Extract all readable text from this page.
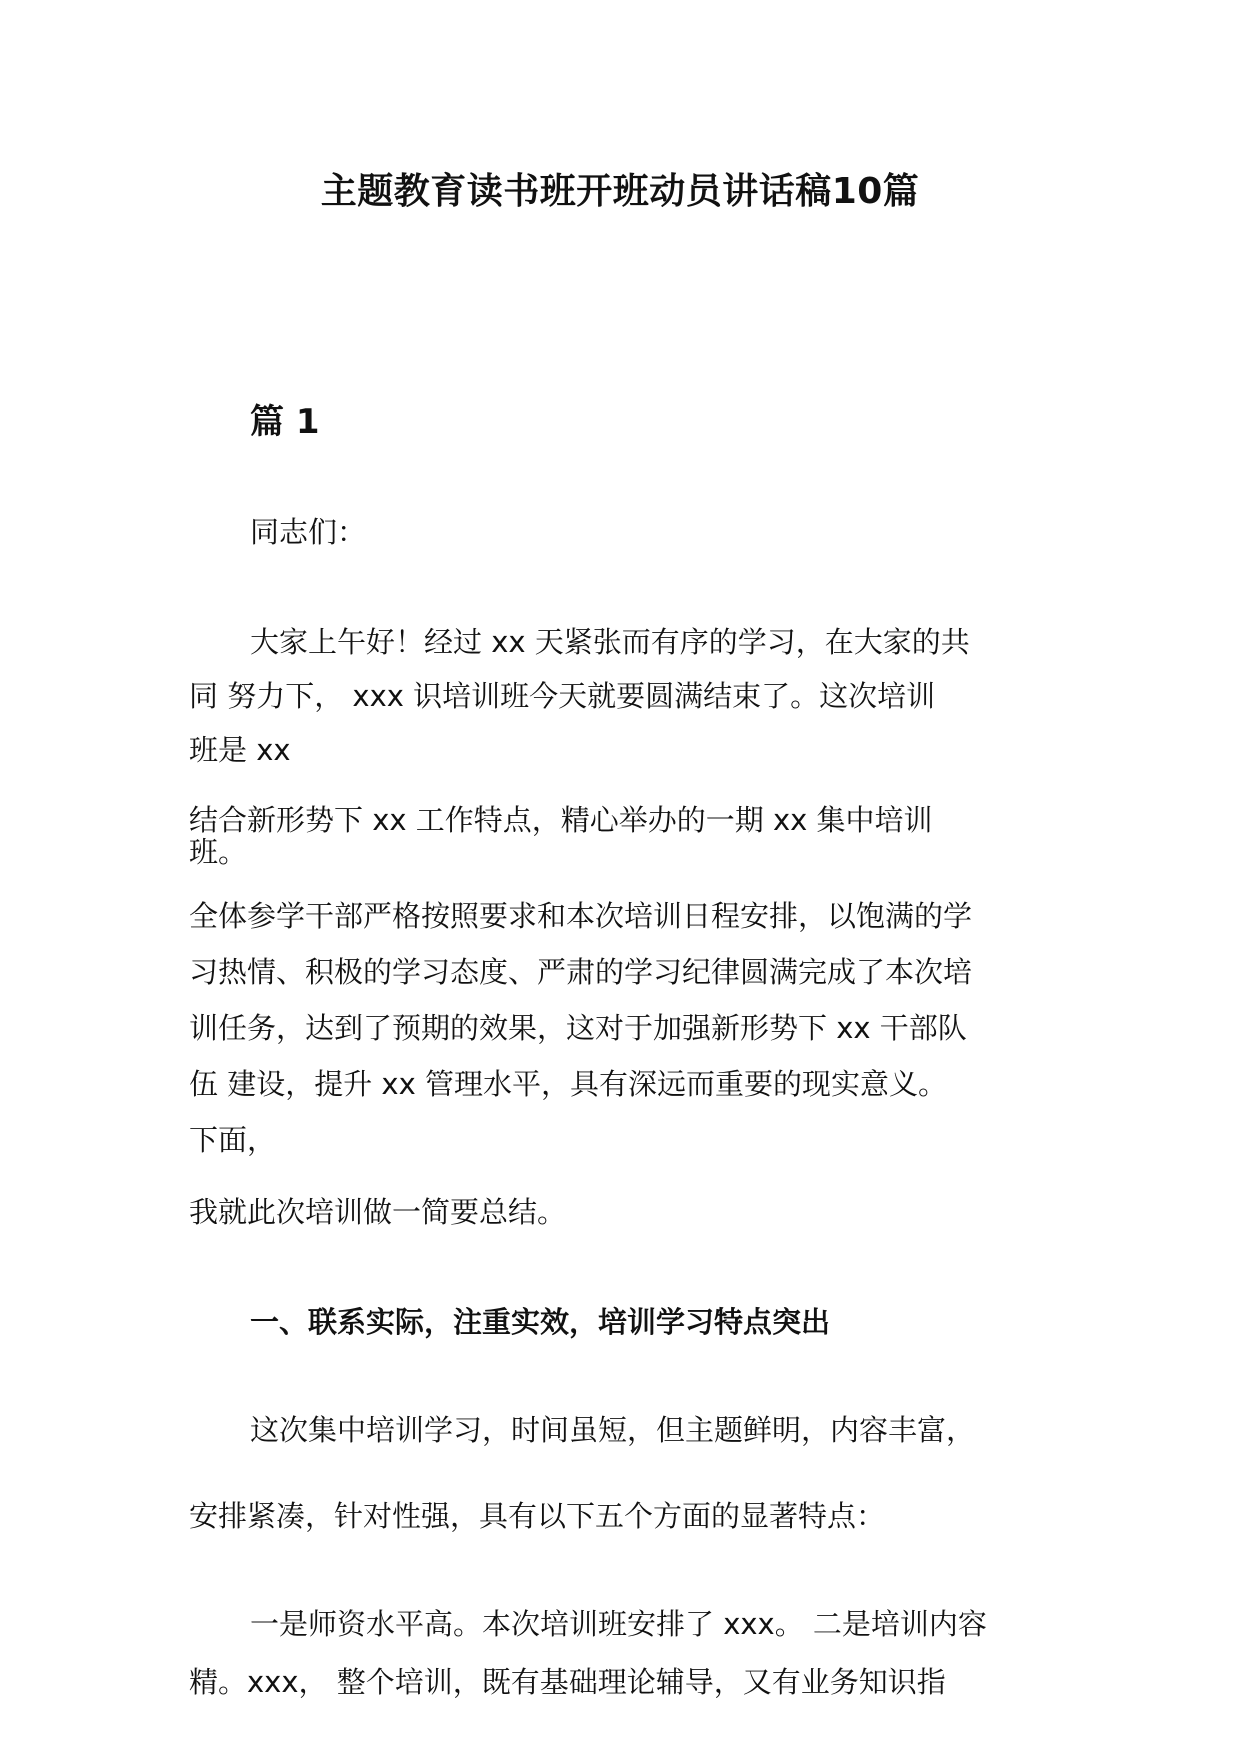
主题教育读书班开班动员讲话稿10篇
篇 1
同志们：
大家上午好！经过 xx 天紧张而有序的学习，在大家的共
同 努力下， xxx 识培训班今天就要圆满结束了。这次培训
班是 xx
结合新形势下 xx 工作特点，精心举办的一期 xx 集中培训
班。
全体参学干部严格按照要求和本次培训日程安排，以饱满的学
习热情、积极的学习态度、严肃的学习纪律圆满完成了本次培
训任务，达到了预期的效果，这对于加强新形势下 xx 干部队
伍 建设，提升 xx 管理水平，具有深远而重要的现实意义。
下面，
我就此次培训做一简要总结。
一、联系实际，注重实效，培训学习特点突出
这次集中培训学习，时间虽短，但主题鲜明，内容丰富，
安排紧凑，针对性强，具有以下五个方面的显著特点：
一是师资水平高。本次培训班安排了 xxx。 二是培训内容
精。xxx， 整个培训，既有基础理论辅导，又有业务知识指
